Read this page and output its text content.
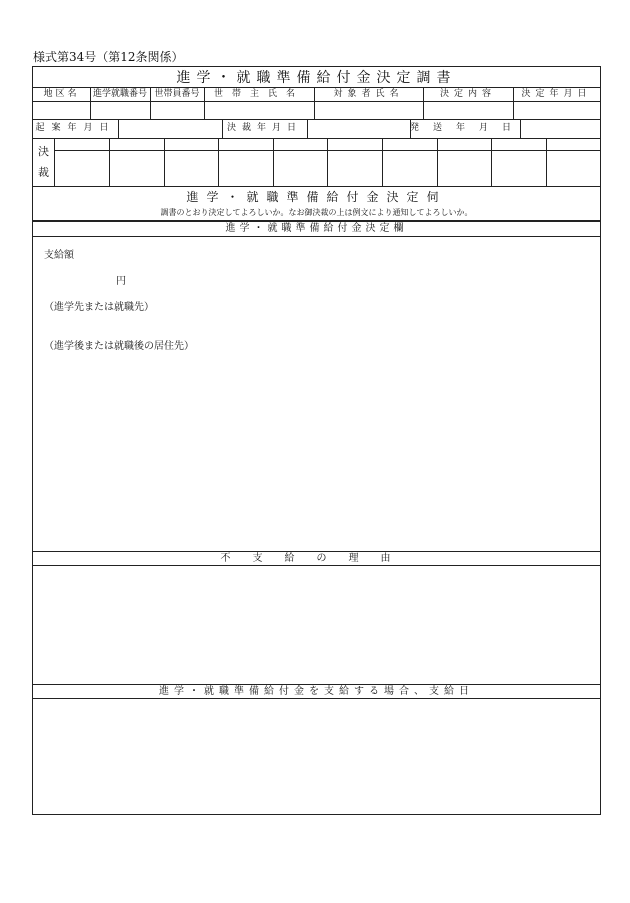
様式第34号（第12条関係）
進学・就職準備給付金決定調書
地区名	進学就職番号 世帯員番号	世帯主氏名	対象者氏名	決定内容	決定年月日
起案年月日	決裁年月日	発送年月日
決
裁
進学・就職準備給付金決定伺
調書のとおり決定してよろしいか。なお御決裁の上は例文により通知してよろしいか。
進学・就職準備給付金決定欄
支給額
円
（進学先または就職先）
（進学後または就職後の居住先）
不支給の理由
進学・就職準備給付金を支給する場合、支給日
